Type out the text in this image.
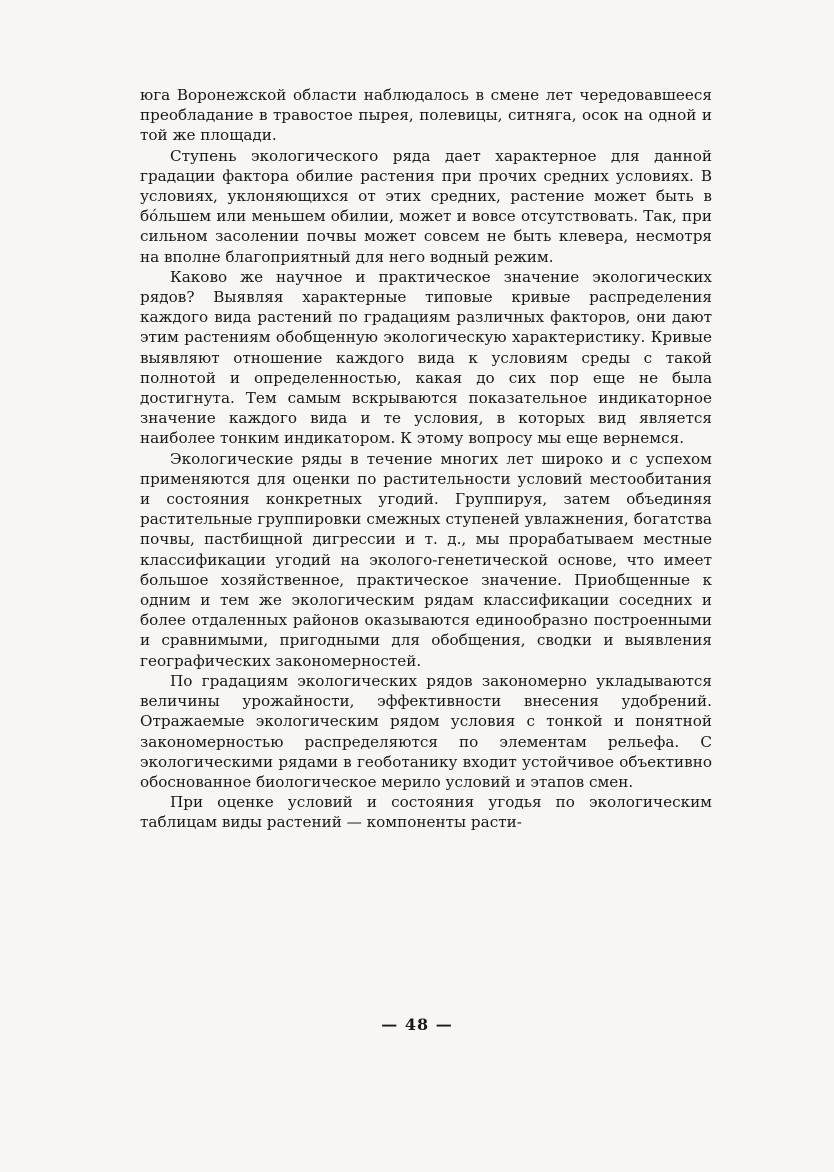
юга Воронежской области наблюдалось в смене лет чередовавшееся преобладание в травостое пырея, полевицы, ситняга, осок на одной и той же площади.

Ступень экологического ряда дает характерное для данной градации фактора обилие растения при прочих средних условиях. В условиях, уклоняющихся от этих средних, растение может быть в бо́льшем или меньшем обилии, может и вовсе отсутствовать. Так, при сильном засолении почвы может совсем не быть клевера, несмотря на вполне благоприятный для него водный режим.

Каково же научное и практическое значение экологических рядов? Выявляя характерные типовые кривые распределения каждого вида растений по градациям различных факторов, они дают этим растениям обобщенную экологическую характеристику. Кривые выявляют отношение каждого вида к условиям среды с такой полнотой и определенностью, какая до сих пор еще не была достигнута. Тем самым вскрываются показательное индикаторное значение каждого вида и те условия, в которых вид является наиболее тонким индикатором. К этому вопросу мы еще вернемся.

Экологические ряды в течение многих лет широко и с успехом применяются для оценки по растительности условий местообитания и состояния конкретных угодий. Группируя, затем объединяя растительные группировки смежных ступеней увлажнения, богатства почвы, пастбищной дигрессии и т. д., мы прорабатываем местные классификации угодий на эколого-генетической основе, что имеет большое хозяйственное, практическое значение. Приобщенные к одним и тем же экологическим рядам классификации соседних и более отдаленных районов оказываются единообразно построенными и сравнимыми, пригодными для обобщения, сводки и выявления географических закономерностей.

По градациям экологических рядов закономерно укладываются величины урожайности, эффективности внесения удобрений. Отражаемые экологическим рядом условия с тонкой и понятной закономерностью распределяются по элементам рельефа. С экологическими рядами в геоботанику входит устойчивое объективно обоснованное биологическое мерило условий и этапов смен.

При оценке условий и состояния угодья по экологическим таблицам виды растений — компоненты расти-

— 48 —
